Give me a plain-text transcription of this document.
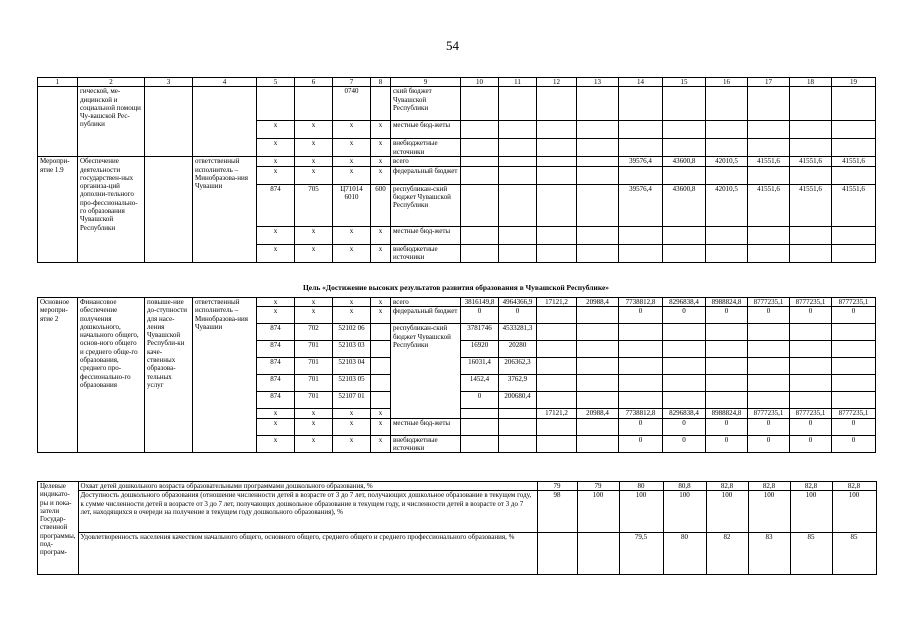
54
1	2	3	4	5	6	7	8	9	10	11	12	13	14	15	16	17	18	19
	гической, ме-дицинской и социальной помощи Чу-вашской Рес-публики					0740		ский бюджет Чувашской Республики										
				x	x	x	x	местные бюд-жеты										
				x	x	x	x	внебюджетные источники										
Меропри-ятие 1.9	Обеспечение деятельности государствен-ных организа-ций дополни-тельного про-фессионально-го образования Чувашской Республики		ответственный исполнитель – Минобразова-ния Чувашии	x	x	x	x	всего					39576,4	43600,8	42010,5	41551,6	41551,6	41551,6
				x	x	x	x	федеральный бюджет										
				874	705	Ц71014 6010	600	республикан-ский бюджет Чувашской Республики					39576,4	43600,8	42010,5	41551,6	41551,6	41551,6
				x	x	x	x	местные бюд-жеты										
				x	x	x	x	внебюджетные источники										
Цель «Достижение высоких результатов развития образования в Чувашской Республике»
Основное меропри-ятие 2	Финансовое обеспечение получения дошкольного, начального общего, основ-ного общего и среднего обще-го образования, среднего про-фессионально-го образования	повыше-ние до-ступности для насе-ления Чувашской Республи-ки каче-ственных образова-тельных услуг	ответственный исполнитель – Минобразова-ния Чувашии	x	x	x	x	всего	3816149,8	4964366,9	17121,2	20988,4	7738812,8	8296838,4	8988824,8	8777235,1	8777235,1	8777235,1
				x	x	x	x	федеральный бюджет	0	0			0	0	0	0	0	0
				874	702	52102 06		республикан-ский бюджет Чувашской Республики	3781746	4533281,3								
				874	701	52103 03			16920	20280								
				874	701	52103 04			16031,4	206362,3								
				874	701	52103 05			1452,4	3762,9								
				874	701	52107 01			0	200680,4								
				x	x	x	x				17121,2	20988,4	7738812,8	8296838,4	8988824,8	8777235,1	8777235,1	8777235,1
				x	x	x	x	местные бюд-жеты					0	0	0	0	0	0
				x	x	x	x	внебюджетные источники					0	0	0	0	0	0
Целевые индикато-ры и пока-затели Государ-ственной программы, под-програм-	Охват детей дошкольного возраста образовательными программами дошкольного образования, %	79	79	80	80,8	82,8	82,8	82,8	82,8
	Доступность дошкольного образования (отношение численности детей в возрасте от 3 до 7 лет, получающих дошкольное образование в текущем году, к сумме численности детей в возрасте от 3 до 7 лет, получающих дошкольное образование в текущем году, и численности детей в возрасте от 3 до 7 лет, находящихся в очереди на получение в текущем году дошкольного образования), %	98	100	100	100	100	100	100	100
	Удовлетворенность населения качеством начального общего, основного общего, среднего общего и среднего профессионального образования, %			79,5	80	82	83	85	85
